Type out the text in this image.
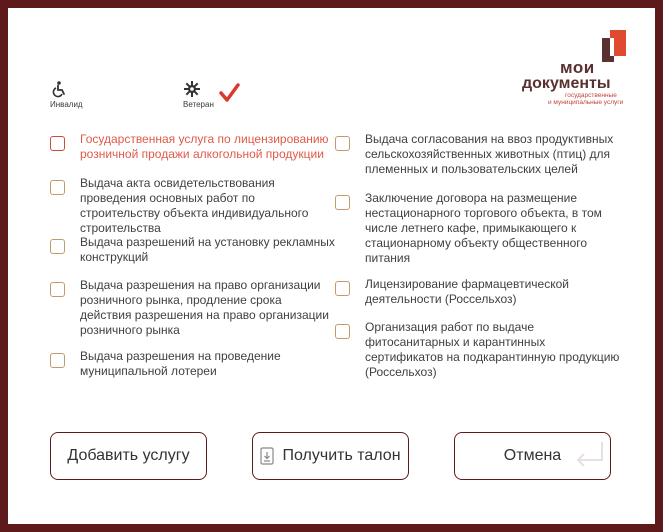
Инвалид	Ветеран
мои
документы
государственные
и муниципальные услуги
Государственная услуга по лицензированию розничной продажи алкогольной продукции
Выдача акта освидетельствования проведения основных работ по строительству объекта индивидуального строительства
Выдача разрешений на установку рекламных конструкций
Выдача разрешения на право организации розничного рынка, продление срока действия разрешения на право организации розничного рынка
Выдача разрешения на проведение муниципальной лотереи
Выдача согласования на ввоз продуктивных сельскохозяйственных животных (птиц) для племенных и пользовательских целей
Заключение договора на размещение нестационарного торгового объекта, в том числе летнего кафе, примыкающего к стационарному объекту общественного питания
Лицензирование фармацевтической деятельности (Россельхоз)
Организация работ по выдаче фитосанитарных и карантинных сертификатов на подкарантинную продукцию (Россельхоз)
Добавить услугу	Получить талон	Отмена
